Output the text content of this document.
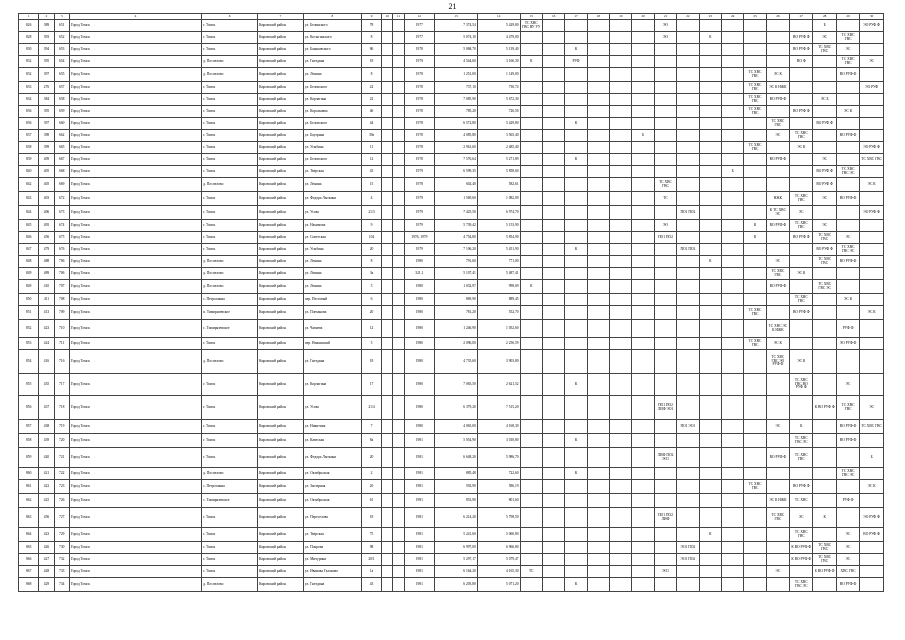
21
1	2	3	4		6	7	8	9	10	11	12	13	14	15	16	17	18	19	20	21	22	23	24	25	26	27	28	29	30
826	389	651	Город Томск		г. Томск	Кировский район	ул. Белинского	78			1977	7 374,54	5 429,80	ТС ХВС ГВС ВУ УУ						ЭО							Б		ЭО РУФ Ф
828	393	652	Город Томск		г. Томск	Кировский район	ул. Косыгинского	8			1977	5 074,10	4 479,00							ЭО		К				ВО РУФ Ф	ЭС	ТС ХВС ГВС	
830	394	653	Город Томск		г. Томск	Кировский район	ул. Баньковского	86			1978	5 068,70	5 139,40			К										ВО РУФ Ф	ТС ХВС ГВС	ЭС	
832	395	654	Город Томск		д. Поспелово	Кировский район	ул. Гнездина	18			1979	4 544,60	3 166,30	К		РУФ										ВО Ф		ТС ХВС ГВС	ЭС
832	397	655	Город Томск		д. Поспелово	Кировский район	ул. Ленина	8			1978	1 251,00	1 149,00											ТС ХВС ГВС	ЭС К			ВО РУФ Ф	
833	276	657	Город Томск		г. Томск	Кировский район	ул. Беленского	22			1978	737,10	730,74											ТС ХВС ГВС	ЭС К НЖК				ЭО РУФ
834	384	658	Город Томск		г. Томск	Кировский район	ул. Корчагина	22			1978	7 085,90	5 672,30											ТС ХВС ГВС	ВО РУФ Ф		ЭС Б		
836	395	659	Город Томск		г. Томск	Кировский район	ул. Корсаковка	46			1978	785,20	726,50											ТС ХВС ГВС		ВО РУФ Ф		ЭС К	
836	397	660	Город Томск		г. Томск	Кировский район	ул. Беловского	44			1978	6 572,80	5 429,80			К									ТС ХВС ГВС		ВО РУФ Ф		
837	398	662	Город Томск		г. Томск	Кировский район	ул. Бауэрина	39а			1978	4 085,80	3 565,40						Б						ЭС	ТС ХВС ГВС		ВО РУФ Ф	
838	399	665	Город Томск		г. Томск	Кировский район	ул. Усыбина	11			1978	2 961,60	2 485,40											ТС ХВС ГВС		ЭС К			ЭО РУФ Ф
839	409	667	Город Томск		г. Томск	Кировский район	ул. Беловского	12			1978	7 576,64	5 271,89			К									ВО РУФ Ф		ЭС		ТС ХВС ГВС
840	405	668	Город Томск		г. Томск	Кировский район	ул. Тверская	43			1979	6 599,35	5 858,60										Б				ВО РУФ Ф	ТС ХВС ГВС ЭС	
842	405	669	Город Томск		д. Поспелово	Кировский район	ул. Ленина	15			1978	602,40	582,61							ТС ХВС ГВС							ВО РУФ Ф		ЭС К
843	403	672	Город Томск		г. Томск	Кировский район	ул. Федора Лыткина	4			1979	1 569,60	1 082,09							ТС					НЖК	ТС ХВС ГВС	ЭС	ВО РУФ Ф	
844	406	673	Город Томск		г. Томск	Кировский район	ул. Усова	21/3			1979	7 425,50	6 974,70								ПО1 ПО2				К ТС ХВС ЭС	ЭС			ЭО РУФ Ф
845	495	674	Город Томск		г. Томск	Кировский район	ул. Нахимова	9			1979	5 739,42	5 153,90							ЭО				К	ВО РУФ Ф	ТС ХВС ГВС	ЭС		
846	456	675	Город Томск		г. Томск	Кировский район	ул. Советская	104			1976, 1979	4 754,80	5 854,90							ПО1 ПО2				К		ВО РУФ Ф	ТС ХВС ГВС	ЭС	
847	479	676	Город Томск		г. Томск	Кировский район	ул. Усыбина	20			1979	7 106,20	5 451,90			К					ПО1 ПО2						ВО РУФ Ф	ТС ХВС ГВС ЭС	
848	488	706	Город Томск		д. Поспелово	Кировский район	ул. Ленина	8			1980	791,60	771,00									К			ЭС		ТС ХВС ГВС	ВО РУФ Ф	
849	489	706	Город Томск		д. Поспелово	Кировский район	ул. Ленина	3а			321,1	5 107,41	5 487,41												ТС ХВС ГВС	ЭС К			
849	410	707	Город Томск		д. Поспелово	Кировский район	ул. Ленина	5			1980	1 032,97	998,69	К											ВО РУФ Ф		ТС ХВС ГВС ЭС		
850	411	708	Город Томск		с. Петрохинка	Кировский район	пер. Пестовый	6			1980	869,90	889,45													ТС ХВС ГВС		ЭС К	
851	413	709	Город Томск		п. Тимирязевское	Кировский район	ул. Плеханова	20			1980	781,20	552,70											ТС ХВС ГВС		ВО РУФ Ф			ЭС К
852	423	710	Город Томск		с. Тимирязевское	Кировский район	ул. Чапаева	12			1980	1 246,90	1 052,60												ТС ХВС ЭС К НЖК			РУФ Ф	
853	424	711	Город Томск		г. Томск	Кировский район	пер. Нижинский	5			1980	2 096,00	2 256,59											ТС ХВС ГВС	ЭС К			ЭО РУФ Ф	
854	416	716	Город Томск		д. Поспелово	Кировский район	ул. Гнездина	18			1980	4 735,60	3 903,80												ТС ХВС ГВС ЭО РУФ Ф	ЭС К			
855	435	717	Город Томск		г. Томск	Кировский район	ул. Корчагина	17			1980	7 065,50	2 621,52			К										ТС ХВС ГВС ВО РУФ Ф		ЭС	
856	437	718	Город Томск		г. Томск	Кировский район	ул. Усова	21/4			1980	6 379,20	7 515,20							ПО1 ПО2 ЛИФ ЭО1							К ВО РУФ Ф	ТС ХВС ГВС	ЭС
857	438	719	Город Томск		г. Томск	Кировский район	ул. Никитина	7			1980	4 065,00	4 168,30								ПО1 ЭО1				ЭС	К		ВО РУФ Ф	ТС ХВС ГВС
858	439	720	Город Томск		г. Томск	Кировский район	ул. Кавеская	8а			1981	5 054,90	3 010,80			К										ТС ХВС ГВС ЭС		ВО РУФ Ф	
859	420	721	Город Томск		г. Томск	Кировский район	ул. Федора Лыткина	20			1981	6 648,20	5 986,70							ЛИФ ПО2 ЭО1					ВО РУФ Ф	ТС ХВС ГВС			Б
860	421	722	Город Томск		д. Поспелово	Кировский район	ул. Октябрьская	2			1981	885,48	722,60			К												ТС ХВС ГВС ЭС	
861	422	723	Город Томск		с. Петрохинка	Кировский район	ул. Заозерная	2б			1981	592,90	586,19											ТС ХВС ГВС		ВО РУФ Ф			ЭС К
862	425	726	Город Томск		с. Тимирязевское	Кировский район	ул. Октябрьская	61			1981	853,90	801,60												ЭС К НЖК	ТС ХВС		РУФ Ф	
863	456	727	Город Томск		г. Томск	Кировский район	ул. Переселова	18			1981	6 214,20	5 798,50							ПО1 ПО2 ЛИФ					ТС ХВС ГВС	ЭС	К		ЭО РУФ Ф
864	423	729	Город Томск		г. Томск	Кировский район	ул. Тверская	75			1981	5 241,60	5 060,80									К				ТС ХВС ГВС		ЭС	ВО РУФ Ф
865	426	730	Город Томск		г. Томск	Кировский район	ул. Покрова	98			1981	6 997,00	6 966,80								ЭО1 ПО2					К ВО РУФ Ф	ТС ХВС ГВС	ЭС	
866	427	732	Город Томск		г. Томск	Кировский район	ул. Мичурина	20/1			1981	5 297,17	5 079,47								ЭО1 ПО2					К ВО РУФ Ф	ТС ХВС ГВС	ЭС	
867	428	733	Город Томск		г. Томск	Кировский район	ул. Иванова Галанова	1а			1981	6 164,20	4 165,30	ТС						ЭО1					ЭС		Б ВО РУФ Ф	ХВС ГВС	
868	429	734	Город Томск		д. Поспелово	Кировский район	ул. Гнездина	43			1981	6 205,80	5 071,20			К										ТС ХВС ГВС ЭС		ВО РУФ Ф	
